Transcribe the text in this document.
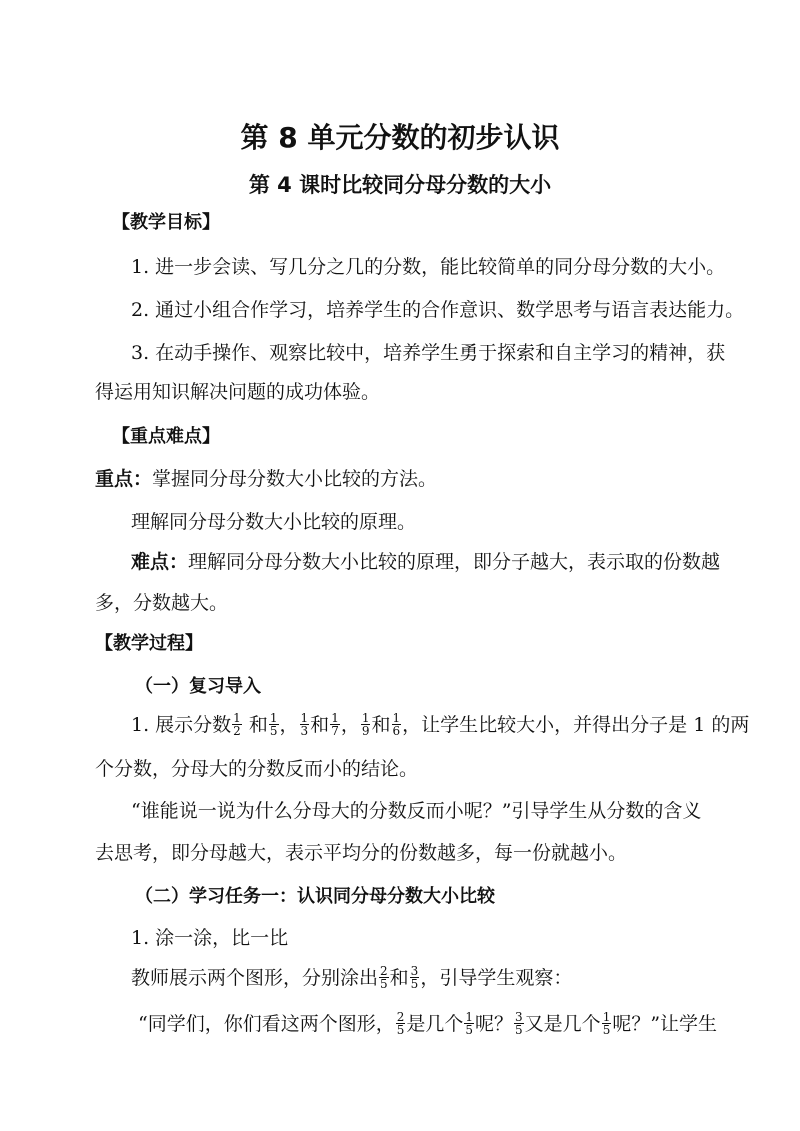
第 8 单元分数的初步认识
第 4 课时比较同分母分数的大小
【教学目标】
1. 进一步会读、写几分之几的分数，能比较简单的同分母分数的大小。
2. 通过小组合作学习，培养学生的合作意识、数学思考与语言表达能力。
3. 在动手操作、观察比较中，培养学生勇于探索和自主学习的精神，获
得运用知识解决问题的成功体验。
【重点难点】
重点：掌握同分母分数大小比较的方法。
理解同分母分数大小比较的原理。
难点：理解同分母分数大小比较的原理，即分子越大，表示取的份数越
多，分数越大。
【教学过程】
（一）复习导入
1. 展示分数 $\frac{1}{2}$ 和 $\frac{1}{5}$ ， $\frac{1}{3}$ 和 $\frac{1}{7}$ ， $\frac{1}{9}$ 和 $\frac{1}{6}$ ，让学生比较大小，并得出分子是 1 的两
个分数，分母大的分数反而小的结论。
“谁能说一说为什么分母大的分数反而小呢？”引导学生从分数的含义
去思考，即分母越大，表示平均分的份数越多，每一份就越小。
（二）学习任务一：认识同分母分数大小比较
1. 涂一涂，比一比
教师展示两个图形，分别涂出 $\frac{2}{5}$ 和 $\frac{3}{5}$ ，引导学生观察：
“同学们，你们看这两个图形， $\frac{2}{5}$ 是几个 $\frac{1}{5}$ 呢？ $\frac{3}{5}$ 又是几个 $\frac{1}{5}$ 呢？”让学生
